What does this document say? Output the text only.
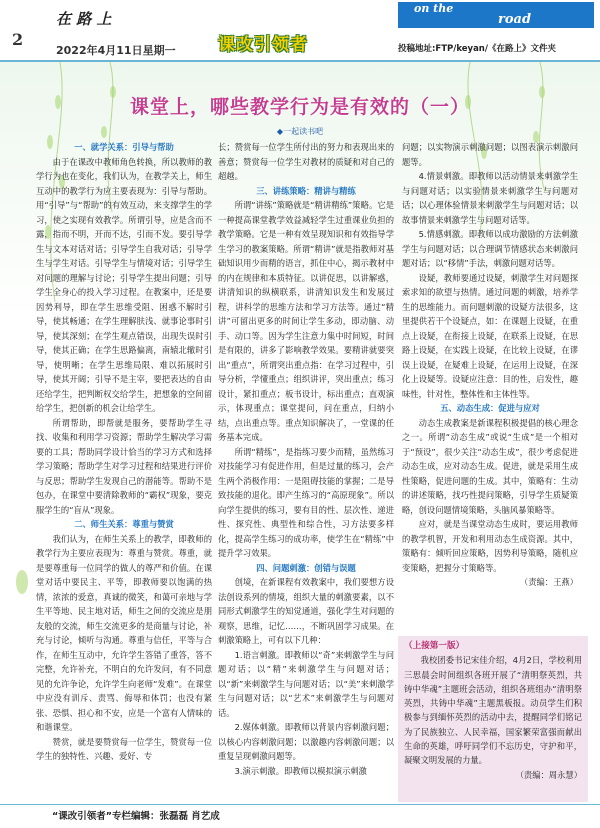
2
在 路 上
2022年4月11日星期一 课改引领者
on the
road
投稿地址:FTP/keyan/《在路上》文件夹
课堂上，哪些教学行为是有效的（一）
◆一起读书吧

一、就学关系：引导与帮助

由于在课改中教师角色转换，所以教师的教学行为也在变化，我们认为，在教学关上，师生互动中的教学行为应主要表现为：引导与帮助。用“引导”与“帮助”的有效互动，来支撑学生的学习，使之实现有效教学。所谓引导，应是含而不露，指而不明，开而不达，引而不发。要引导学生与文本对话对话；引导学生自我对话；引导学生与学生对话。引导学生与情境对话；引导学生对问题的理解与讨论；引导学生提出问题；引导学生全身心的投入学习过程。在教案中，还是要因势利导，即在学生思维受阻、困惑不解时引导，使其畅通；在学生理解肤浅、就事论事时引导，使其深刻；在学生观点错误，出现失误时引导，使其正确；在学生思路偏离，南辕北辙时引导，使明晰；在学生思维局限、难以拓展时引导，使其开阔；引导不是主宰，要把表达的自由还给学生，把判断权交给学生，把想象的空间留给学生，把创新的机会让给学生。

所谓帮助，即帮就是服务，要帮助学生寻找、收集和利用学习资源；帮助学生解决学习需要的工具；帮助同学设计恰当的学习方式和选择学习策略；帮助学生对学习过程和结果进行评价与反思；帮助学生发现自己的潜能等。帮助不是包办，在课堂中要清除教师的“霸权”现象，要克服学生的“盲从”现象。

二、师生关系：尊重与赞赏

我们认为，在师生关系上的教学，即教师的教学行为主要应表现为：尊重与赞赏。尊重，就是要尊重每一位同学的做人的尊严和价值。在课堂对话中要民主、平等，即教师要以饱满的热情，浓浓的爱意，真诚的微笑，和蔼可亲地与学生平等地、民主地对话，师生之间的交流应是朋友般的交流，师生交流更多的是商量与讨论，补充与讨论，倾听与沟通。尊重与信任，平等与合作，在师生互动中，允许学生答错了重答，答不完整，允许补充，不明白的允许发问，有不同意见的允许争论，允许学生向老师“发难”。在课堂中应没有训斥、责骂、侮辱和体罚；也没有紧张、恐惧、担心和不安，应是一个富有人情味的和谐课堂。

赞赏，就是要赞赏每一位学生，赞赏每一位学生的独特性、兴趣、爱好、专

长；赞赏每一位学生所付出的努力和表现出来的善意；赞赏每一位学生对教材的质疑和对自己的超越。

三、讲练策略：精讲与精练

所谓“讲练”策略就是“精讲精练”策略。它是一种提高课堂教学效益减轻学生过重课业负担的教学策略。它是一种有效呈现知识和有效指导学生学习的教案策略。所谓“精讲”就是指教师对基础知识用少而精的语言，抓住中心，揭示教材中的内在规律和本质特征。以讲促思，以讲解惑，讲清知识的纵横联系，讲清知识发生和发展过程，讲科学的思维方法和学习方法等。通过“精讲”可留出更多的时间让学生多动，即动脑、动手、动口等。因为学生注意力集中时间短，时间是有限的，讲多了影响教学效果。要精讲就要突出“重点”，所谓突出重点指：在学习过程中，引导分析，学懂重点；组织讲评，突出重点；练习设计，紧扣重点；板书设计，标出重点；直观演示，体现重点；课堂提问，问在重点，归纳小结，点出重点等。重点知识解决了，一堂课的任务基本完成。

所谓“精练”，是指练习要少而精，虽然练习对技能学习有促进作用，但是过量的练习，会产生两个消极作用：一是阻碍技能的掌握；二是导致技能的退化。即产生练习的“高原现象”。所以向学生提供的练习，要有目的性、层次性、递进性、探究性、典型性和综合性，习方法要多样化，提高学生练习的成功率，使学生在“精练”中提升学习效果。

四、问题刺激：创错与误题

创境，在新课程有效教案中，我们要想方设法创设系列的情境，组织大量的刺激要素，以不同形式刺激学生的知觉通道，强化学生对问题的观察，思维，记忆……，不断巩固学习成果。在刺激策略上，可有以下几种：

1.语言刺激。即教师以“奇”来刺激学生与问题对话；以“精”来刺激学生与问题对话；以“新”来刺激学生与问题对话；以“美”来刺激学生与问题对话；以“艺术”来刺激学生与问题对话。

2.媒体刺激。即教师以背景内容刺激问题；以核心内容刺激问题；以激趣内容刺激问题；以重复呈现刺激问题等。

3.演示刺激。即教师以模拟演示刺激

问题；以实物演示刺激问题；以图表演示刺激问题等。

4.情景刺激。即教师以活动情景来刺激学生与问题对话；以实验情景来刺激学生与问题对话；以心理体验情景来刺激学生与问题对话；以故事情景来刺激学生与问题对话等。

5.情感刺激。即教师以成功激励的方法刺激学生与问题对话；以合理调节情感状态来刺激问题对话；以“移情”手法，刺激问题对话等。

设疑，教师要通过设疑，刺激学生对问题探索求知的欲望与热情。通过问题的刺激，培养学生的思维能力。而问题刺激的设疑方法很多，这里提供若干个设疑点，如：在课题上设疑，在重点上设疑，在衔接上设疑，在联系上设疑，在思路上设疑，在实践上设疑，在比较上设疑，在谬误上设疑，在疑难上设疑，在运用上设疑，在深化上设疑等。设疑应注意：目的性，启发性，趣味性，针对性，整体性和主体性等。

五、动态生成：促进与应对

动态生成教案是新课程积极提倡的核心理念之一。所谓“动态生成”或说“生成”是一个相对于“预设”，很少关注“动态生成”，很少考虑促进动态生成，应对动态生成。促进，就是采用生成性策略，促进问题的生成。其中，策略有：生动的讲述策略，找巧性提问策略，引导学生质疑策略，创设问题情境策略，头脑风暴策略等。

应对，就是当课堂动态生成时，要运用教师的教学机智，开发和利用动态生成资源。其中，策略有：倾听回应策略，因势利导策略，随机应变策略，把握分寸策略等。

（责编：王燕）

（上接第一版）

我校团委书记宋佳介绍，4月2日，学校利用三思晨会时间组织各班开展了“清明祭英烈，共铸中华魂”主题班会活动，组织各班组办“清明祭英烈，共铸中华魂”主题黑板报。动员学生们积极参与到缅怀英烈的活动中去，提醒同学们铭记为了民族独立、人民幸福，国家繁荣富强而献出生命的英雄，呼吁同学们不忘历史，守护和平，凝聚文明发展的力量。

（责编：周永慧）

“课改引领者”专栏编辑：张磊磊 肖艺成
